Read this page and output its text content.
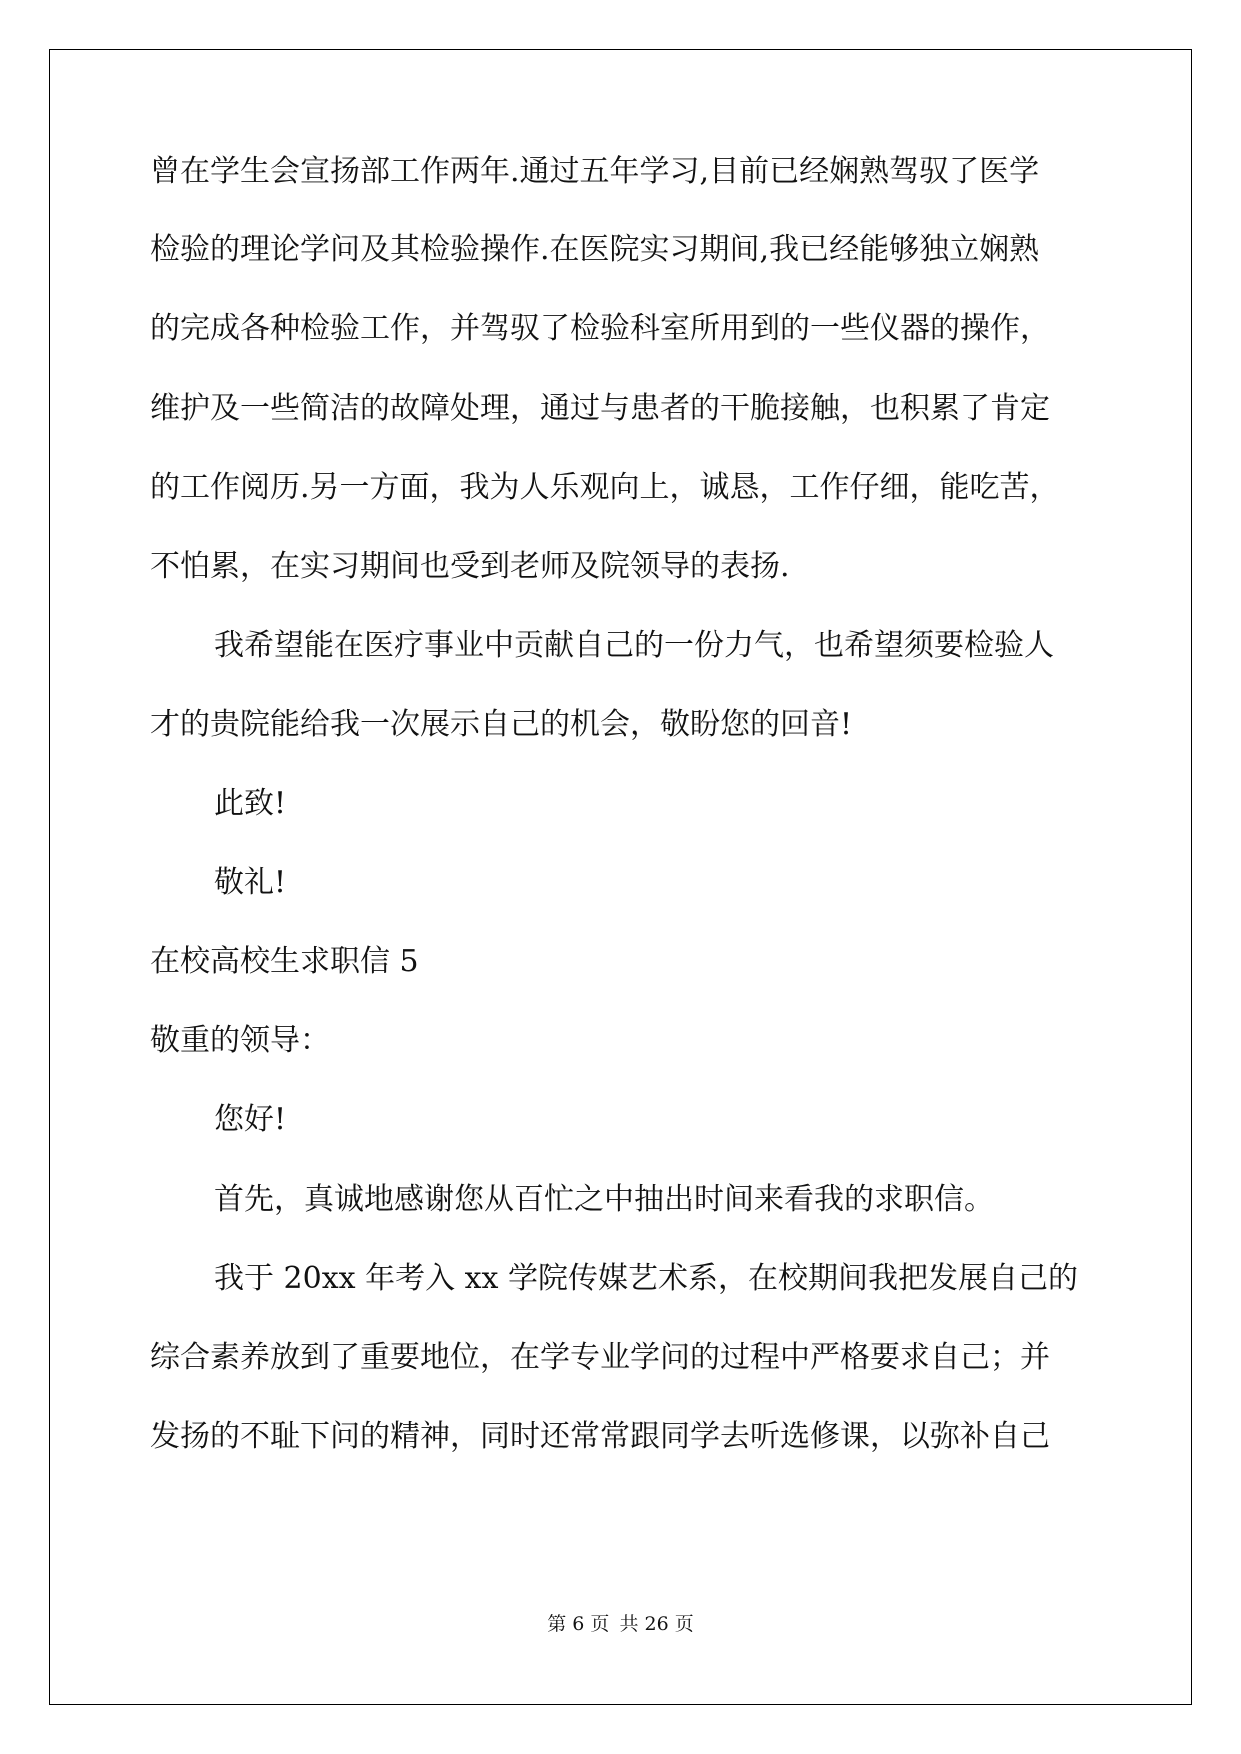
曾在学生会宣扬部工作两年.通过五年学习,目前已经娴熟驾驭了医学
检验的理论学问及其检验操作.在医院实习期间,我已经能够独立娴熟
的完成各种检验工作，并驾驭了检验科室所用到的一些仪器的操作，
维护及一些简洁的故障处理，通过与患者的干脆接触，也积累了肯定
的工作阅历.另一方面，我为人乐观向上，诚恳，工作仔细，能吃苦，
不怕累，在实习期间也受到老师及院领导的表扬.
我希望能在医疗事业中贡献自己的一份力气，也希望须要检验人
才的贵院能给我一次展示自己的机会，敬盼您的回音!
此致!
敬礼!
在校高校生求职信 5
敬重的领导：
您好!
首先，真诚地感谢您从百忙之中抽出时间来看我的求职信。
我于 20xx 年考入 xx 学院传媒艺术系，在校期间我把发展自己的
综合素养放到了重要地位，在学专业学问的过程中严格要求自己；并
发扬的不耻下问的精神，同时还常常跟同学去听选修课，以弥补自己
第 6 页 共 26 页
